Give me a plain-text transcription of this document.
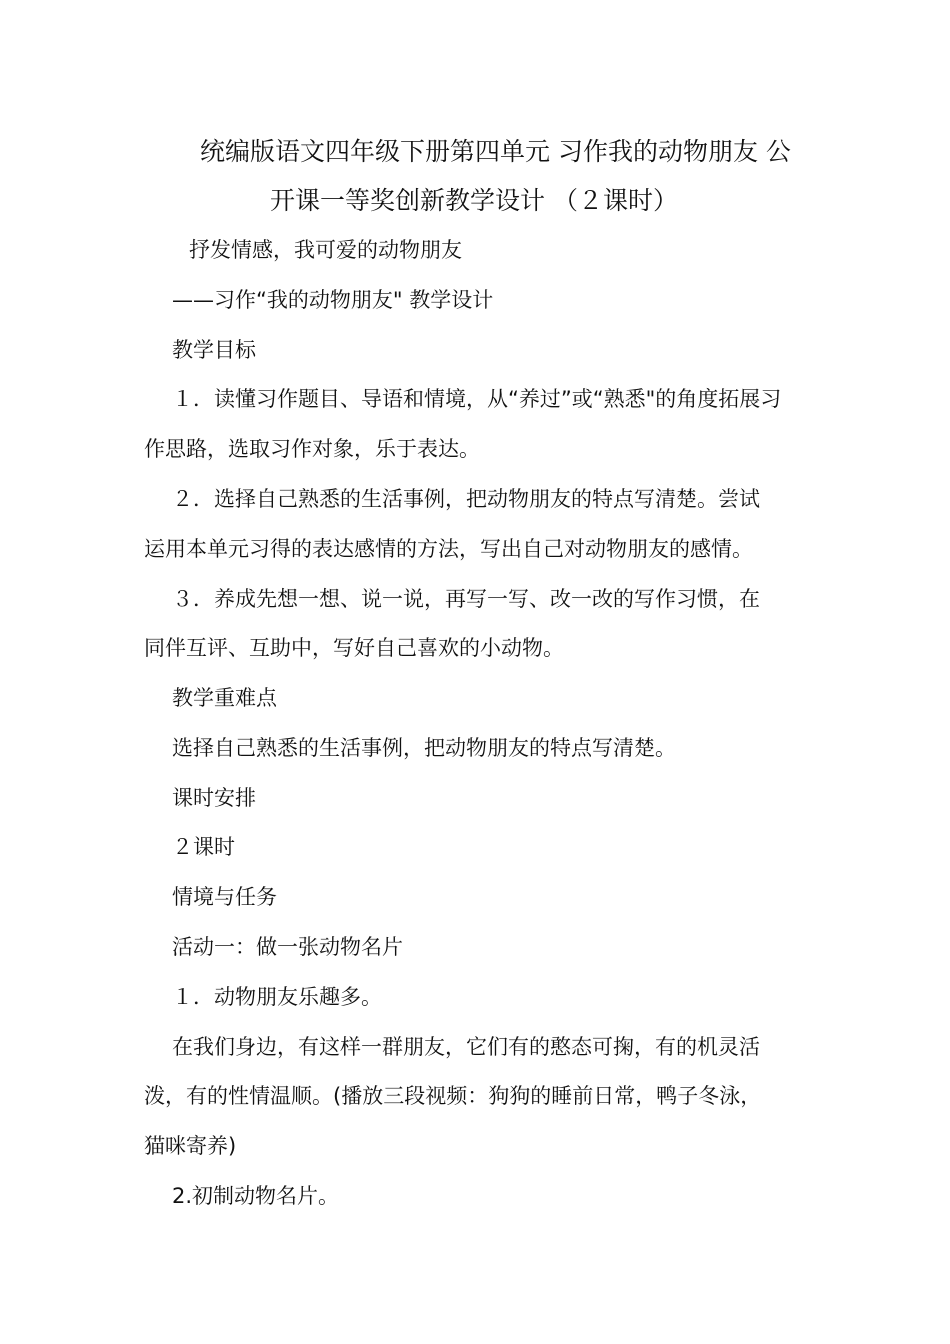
统编版语文四年级下册第四单元 习作我的动物朋友 公
开课一等奖创新教学设计 （２课时）
抒发情感，我可爱的动物朋友
——习作“我的动物朋友" 教学设计
教学目标
１．读懂习作题目、导语和情境，从“养过”或“熟悉"的角度拓展习
作思路，选取习作对象，乐于表达。
２．选择自己熟悉的生活事例，把动物朋友的特点写清楚。尝试
运用本单元习得的表达感情的方法，写出自己对动物朋友的感情。
３．养成先想一想、说一说，再写一写、改一改的写作习惯，在
同伴互评、互助中，写好自己喜欢的小动物。
教学重难点
选择自己熟悉的生活事例，把动物朋友的特点写清楚。
课时安排
２课时
情境与任务
活动一：做一张动物名片
１．动物朋友乐趣多。
在我们身边，有这样一群朋友，它们有的憨态可掬，有的机灵活
泼，有的性情温顺。(播放三段视频：狗狗的睡前日常，鸭子冬泳，
猫咪寄养)
2.初制动物名片。
